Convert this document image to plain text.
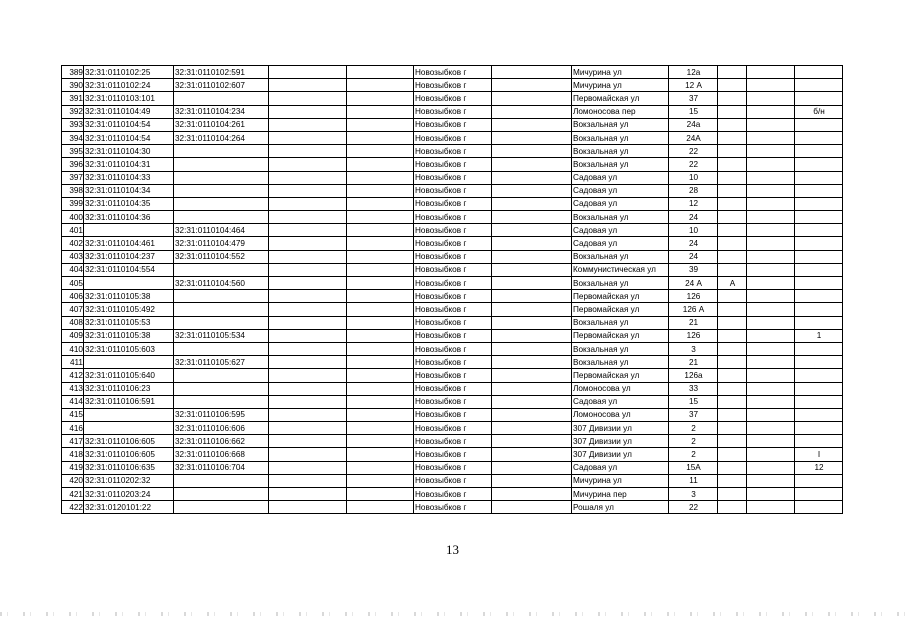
389	32:31:0110102:25	32:31:0110102:591			Новозыбков г		Мичурина ул	12а			
390	32:31:0110102:24	32:31:0110102:607			Новозыбков г		Мичурина ул	12 А			
391	32:31:0110103:101				Новозыбков г		Первомайская ул	37			
392	32:31:0110104:49	32:31:0110104:234			Новозыбков г		Ломоносова пер	15			б/н
393	32:31:0110104:54	32:31:0110104:261			Новозыбков г		Вокзальная ул	24а			
394	32:31:0110104:54	32:31:0110104:264			Новозыбков г		Вокзальная ул	24А			
395	32:31:0110104:30				Новозыбков г		Вокзальная ул	22			
396	32:31:0110104:31				Новозыбков г		Вокзальная ул	22			
397	32:31:0110104:33				Новозыбков г		Садовая ул	10			
398	32:31:0110104:34				Новозыбков г		Садовая ул	28			
399	32:31:0110104:35				Новозыбков г		Садовая ул	12			
400	32:31:0110104:36				Новозыбков г		Вокзальная ул	24			
401		32:31:0110104:464			Новозыбков г		Садовая ул	10			
402	32:31:0110104:461	32:31:0110104:479			Новозыбков г		Садовая ул	24			
403	32:31:0110104:237	32:31:0110104:552			Новозыбков г		Вокзальная ул	24			
404	32:31:0110104:554				Новозыбков г		Коммунистическая ул	39			
405		32:31:0110104:560			Новозыбков г		Вокзальная ул	24 А	А		
406	32:31:0110105:38				Новозыбков г		Первомайская ул	126			
407	32:31:0110105:492				Новозыбков г		Первомайская ул	126 А			
408	32:31:0110105:53				Новозыбков г		Вокзальная ул	21			
409	32:31:0110105:38	32:31:0110105:534			Новозыбков г		Первомайская ул	126			1
410	32:31:0110105:603				Новозыбков г		Вокзальная ул	3			
411		32:31:0110105:627			Новозыбков г		Вокзальная ул	21			
412	32:31:0110105:640				Новозыбков г		Первомайская ул	126а			
413	32:31:0110106:23				Новозыбков г		Ломоносова ул	33			
414	32:31:0110106:591				Новозыбков г		Садовая ул	15			
415		32:31:0110106:595			Новозыбков г		Ломоносова ул	37			
416		32:31:0110106:606			Новозыбков г		307 Дивизии ул	2			
417	32:31:0110106:605	32:31:0110106:662			Новозыбков г		307 Дивизии ул	2			
418	32:31:0110106:605	32:31:0110106:668			Новозыбков г		307 Дивизии ул	2			I
419	32:31:0110106:635	32:31:0110106:704			Новозыбков г		Садовая ул	15А			12
420	32:31:0110202:32				Новозыбков г		Мичурина ул	11			
421	32:31:0110203:24				Новозыбков г		Мичурина пер	3			
422	32:31:0120101:22				Новозыбков г		Рошаля ул	22			
13
